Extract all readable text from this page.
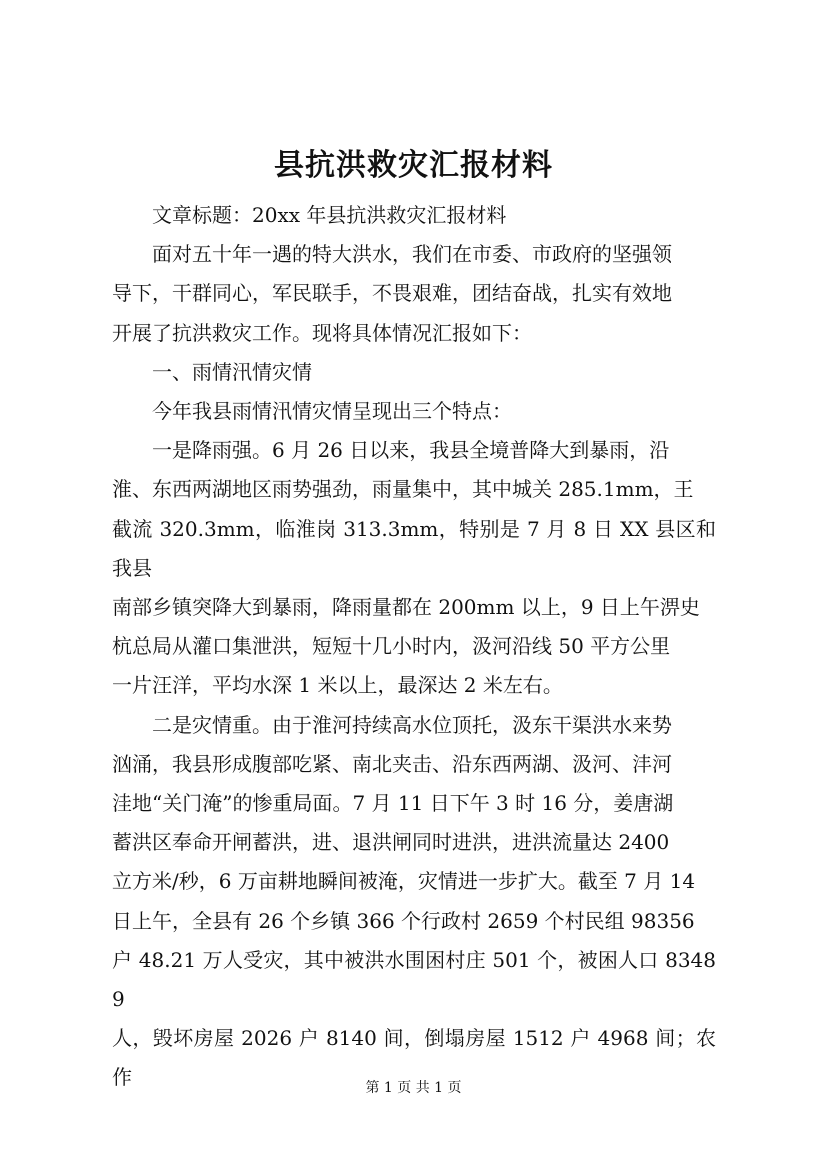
县抗洪救灾汇报材料

文章标题：20xx 年县抗洪救灾汇报材料

面对五十年一遇的特大洪水，我们在市委、市政府的坚强领
导下，干群同心，军民联手，不畏艰难，团结奋战，扎实有效地
开展了抗洪救灾工作。现将具体情况汇报如下：

一、雨情汛情灾情

今年我县雨情汛情灾情呈现出三个特点：

一是降雨强。6 月 26 日以来，我县全境普降大到暴雨，沿
淮、东西两湖地区雨势强劲，雨量集中，其中城关 285.1mm，王
截流 320.3mm，临淮岗 313.3mm，特别是 7 月 8 日 XX 县区和我县
南部乡镇突降大到暴雨，降雨量都在 200mm 以上，9 日上午淠史
杭总局从灌口集泄洪，短短十几小时内，汲河沿线 50 平方公里
一片汪洋，平均水深 1 米以上，最深达 2 米左右。

二是灾情重。由于淮河持续高水位顶托，汲东干渠洪水来势
汹涌，我县形成腹部吃紧、南北夹击、沿东西两湖、汲河、沣河
洼地“关门淹”的惨重局面。7 月 11 日下午 3 时 16 分，姜唐湖
蓄洪区奉命开闸蓄洪，进、退洪闸同时进洪，进洪流量达 2400
立方米/秒，6 万亩耕地瞬间被淹，灾情进一步扩大。截至 7 月 14
日上午，全县有 26 个乡镇 366 个行政村 2659 个村民组 98356
户 48.21 万人受灾，其中被洪水围困村庄 501 个，被困人口 83489
人，毁坏房屋 2026 户 8140 间，倒塌房屋 1512 户 4968 间；农作	第 1 页 共 1 页
